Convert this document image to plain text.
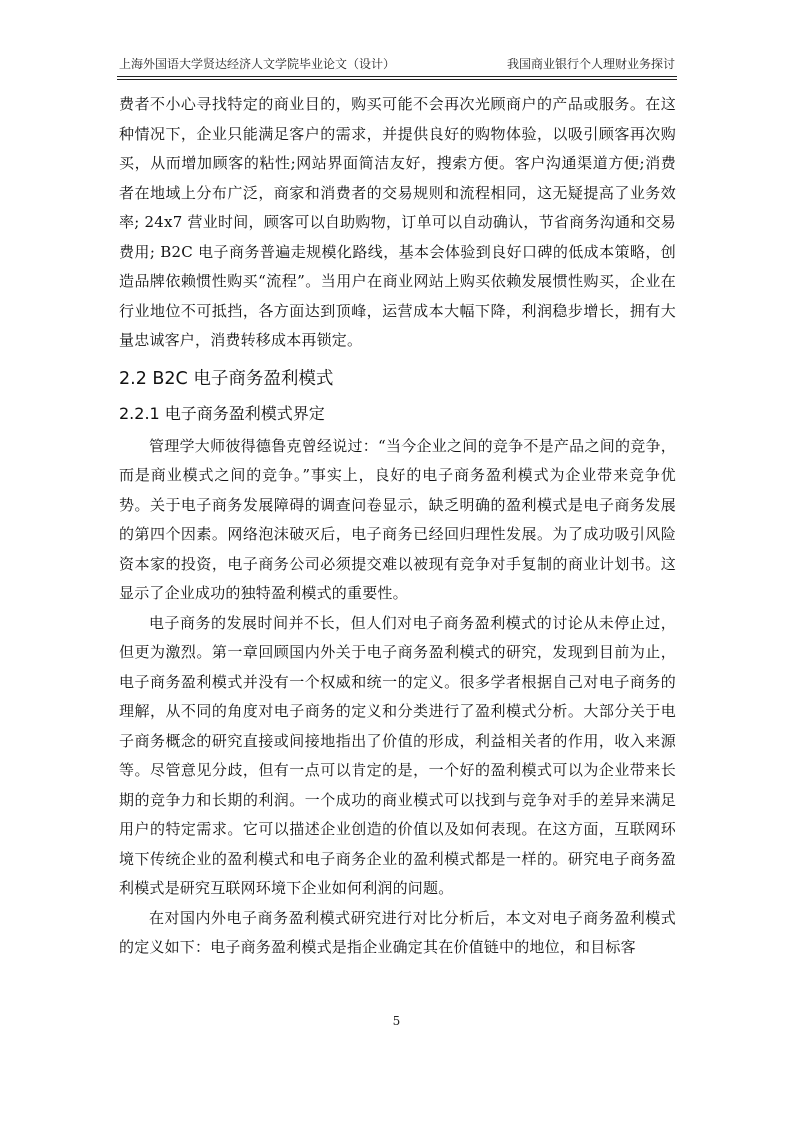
上海外国语大学贤达经济人文学院毕业论文（设计）	我国商业银行个人理财业务探讨

费者不小心寻找特定的商业目的，购买可能不会再次光顾商户的产品或服务。在这种情况下，企业只能满足客户的需求，并提供良好的购物体验，以吸引顾客再次购买，从而增加顾客的粘性;网站界面简洁友好，搜索方便。客户沟通渠道方便;消费者在地域上分布广泛，商家和消费者的交易规则和流程相同，这无疑提高了业务效率; 24x7 营业时间，顾客可以自助购物，订单可以自动确认，节省商务沟通和交易费用; B2C 电子商务普遍走规模化路线，基本会体验到良好口碑的低成本策略，创造品牌依赖惯性购买“流程”。当用户在商业网站上购买依赖发展惯性购买，企业在行业地位不可抵挡，各方面达到顶峰，运营成本大幅下降，利润稳步增长，拥有大量忠诚客户，消费转移成本再锁定。

2.2 B2C 电子商务盈利模式
2.2.1 电子商务盈利模式界定

管理学大师彼得德鲁克曾经说过：“当今企业之间的竞争不是产品之间的竞争，而是商业模式之间的竞争。”事实上，良好的电子商务盈利模式为企业带来竞争优势。关于电子商务发展障碍的调查问卷显示，缺乏明确的盈利模式是电子商务发展的第四个因素。网络泡沫破灭后，电子商务已经回归理性发展。为了成功吸引风险资本家的投资，电子商务公司必须提交难以被现有竞争对手复制的商业计划书。这显示了企业成功的独特盈利模式的重要性。

电子商务的发展时间并不长，但人们对电子商务盈利模式的讨论从未停止过，但更为激烈。第一章回顾国内外关于电子商务盈利模式的研究，发现到目前为止，电子商务盈利模式并没有一个权威和统一的定义。很多学者根据自己对电子商务的理解，从不同的角度对电子商务的定义和分类进行了盈利模式分析。大部分关于电子商务概念的研究直接或间接地指出了价值的形成，利益相关者的作用，收入来源等。尽管意见分歧，但有一点可以肯定的是，一个好的盈利模式可以为企业带来长期的竞争力和长期的利润。一个成功的商业模式可以找到与竞争对手的差异来满足用户的特定需求。它可以描述企业创造的价值以及如何表现。在这方面，互联网环境下传统企业的盈利模式和电子商务企业的盈利模式都是一样的。研究电子商务盈利模式是研究互联网环境下企业如何利润的问题。

在对国内外电子商务盈利模式研究进行对比分析后，本文对电子商务盈利模式的定义如下：电子商务盈利模式是指企业确定其在价值链中的地位，和目标客

5
